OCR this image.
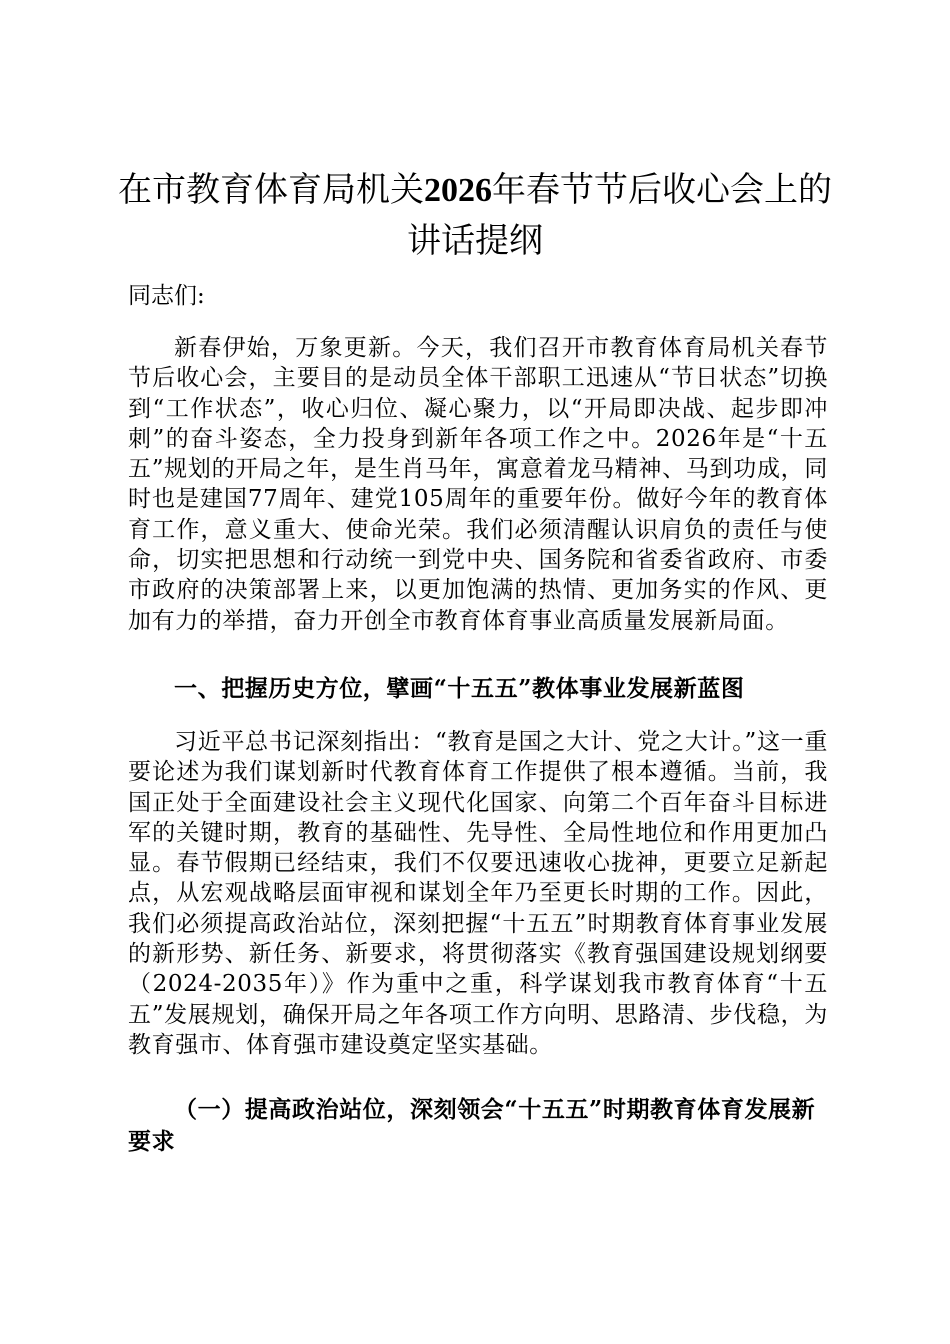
在市教育体育局机关2026年春节节后收心会上的讲话提纲

同志们:

新春伊始，万象更新。今天，我们召开市教育体育局机关春节节后收心会，主要目的是动员全体干部职工迅速从“节日状态”切换到“工作状态”，收心归位、凝心聚力，以“开局即决战、起步即冲刺”的奋斗姿态，全力投身到新年各项工作之中。2026年是“十五五”规划的开局之年，是生肖马年，寓意着龙马精神、马到功成，同时也是建国77周年、建党105周年的重要年份。做好今年的教育体育工作，意义重大、使命光荣。我们必须清醒认识肩负的责任与使命，切实把思想和行动统一到党中央、国务院和省委省政府、市委市政府的决策部署上来，以更加饱满的热情、更加务实的作风、更加有力的举措，奋力开创全市教育体育事业高质量发展新局面。

一、把握历史方位，擘画“十五五”教体事业发展新蓝图

习近平总书记深刻指出：“教育是国之大计、党之大计。”这一重要论述为我们谋划新时代教育体育工作提供了根本遵循。当前，我国正处于全面建设社会主义现代化国家、向第二个百年奋斗目标进军的关键时期，教育的基础性、先导性、全局性地位和作用更加凸显。春节假期已经结束，我们不仅要迅速收心拢神，更要立足新起点，从宏观战略层面审视和谋划全年乃至更长时期的工作。因此，我们必须提高政治站位，深刻把握“十五五”时期教育体育事业发展的新形势、新任务、新要求，将贯彻落实《教育强国建设规划纲要（2024-2035年）》作为重中之重，科学谋划我市教育体育“十五五”发展规划，确保开局之年各项工作方向明、思路清、步伐稳，为教育强市、体育强市建设奠定坚实基础。

（一）提高政治站位，深刻领会“十五五”时期教育体育发展新要求
